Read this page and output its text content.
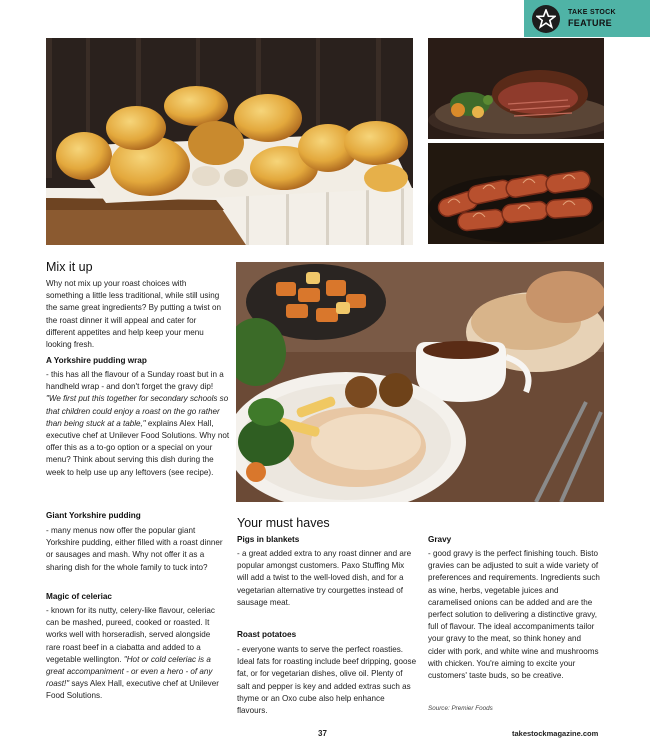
TAKE STOCK
FEATURE
Mix it up

Why not mix up your roast choices with something a little less traditional, while still using the same great ingredients? By putting a twist on the roast dinner it will appeal and cater for different appetites and help keep your menu looking fresh.

A Yorkshire pudding wrap

- this has all the flavour of a Sunday roast but in a handheld wrap - and don't forget the gravy dip! "We first put this together for secondary schools so that children could enjoy a roast on the go rather than being stuck at a table," explains Alex Hall, executive chef at Unilever Food Solutions. Why not offer this as a to-go option or a special on your menu? Think about serving this dish during the week to help use up any leftovers (see recipe).

Giant Yorkshire pudding

- many menus now offer the popular giant Yorkshire pudding, either filled with a roast dinner or sausages and mash. Why not offer it as a sharing dish for the whole family to tuck into?

Magic of celeriac

- known for its nutty, celery-like flavour, celeriac can be mashed, pureed, cooked or roasted. It works well with horseradish, served alongside rare roast beef in a ciabatta and added to a vegetable wellington. "Hot or cold celeriac is a great accompaniment - or even a hero - of any roast!" says Alex Hall, executive chef at Unilever Food Solutions.

Your must haves

Pigs in blankets

- a great added extra to any roast dinner and are popular amongst customers. Paxo Stuffing Mix will add a twist to the well-loved dish, and for a vegetarian alternative try courgettes instead of sausage meat.

Roast potatoes

- everyone wants to serve the perfect roasties. Ideal fats for roasting include beef dripping, goose fat, or for vegetarian dishes, olive oil. Plenty of salt and pepper is key and added extras such as thyme or an Oxo cube also help enhance flavours.

Gravy

- good gravy is the perfect finishing touch. Bisto gravies can be adjusted to suit a wide variety of preferences and requirements. Ingredients such as wine, herbs, vegetable juices and caramelised onions can be added and are the perfect solution to delivering a distinctive gravy, full of flavour. The ideal accompaniments tailor your gravy to the meat, so think honey and cider with pork, and white wine and mushrooms with chicken. You're aiming to excite your customers' taste buds, so be creative.

Source: Premier Foods
37	takestockmagazine.com
